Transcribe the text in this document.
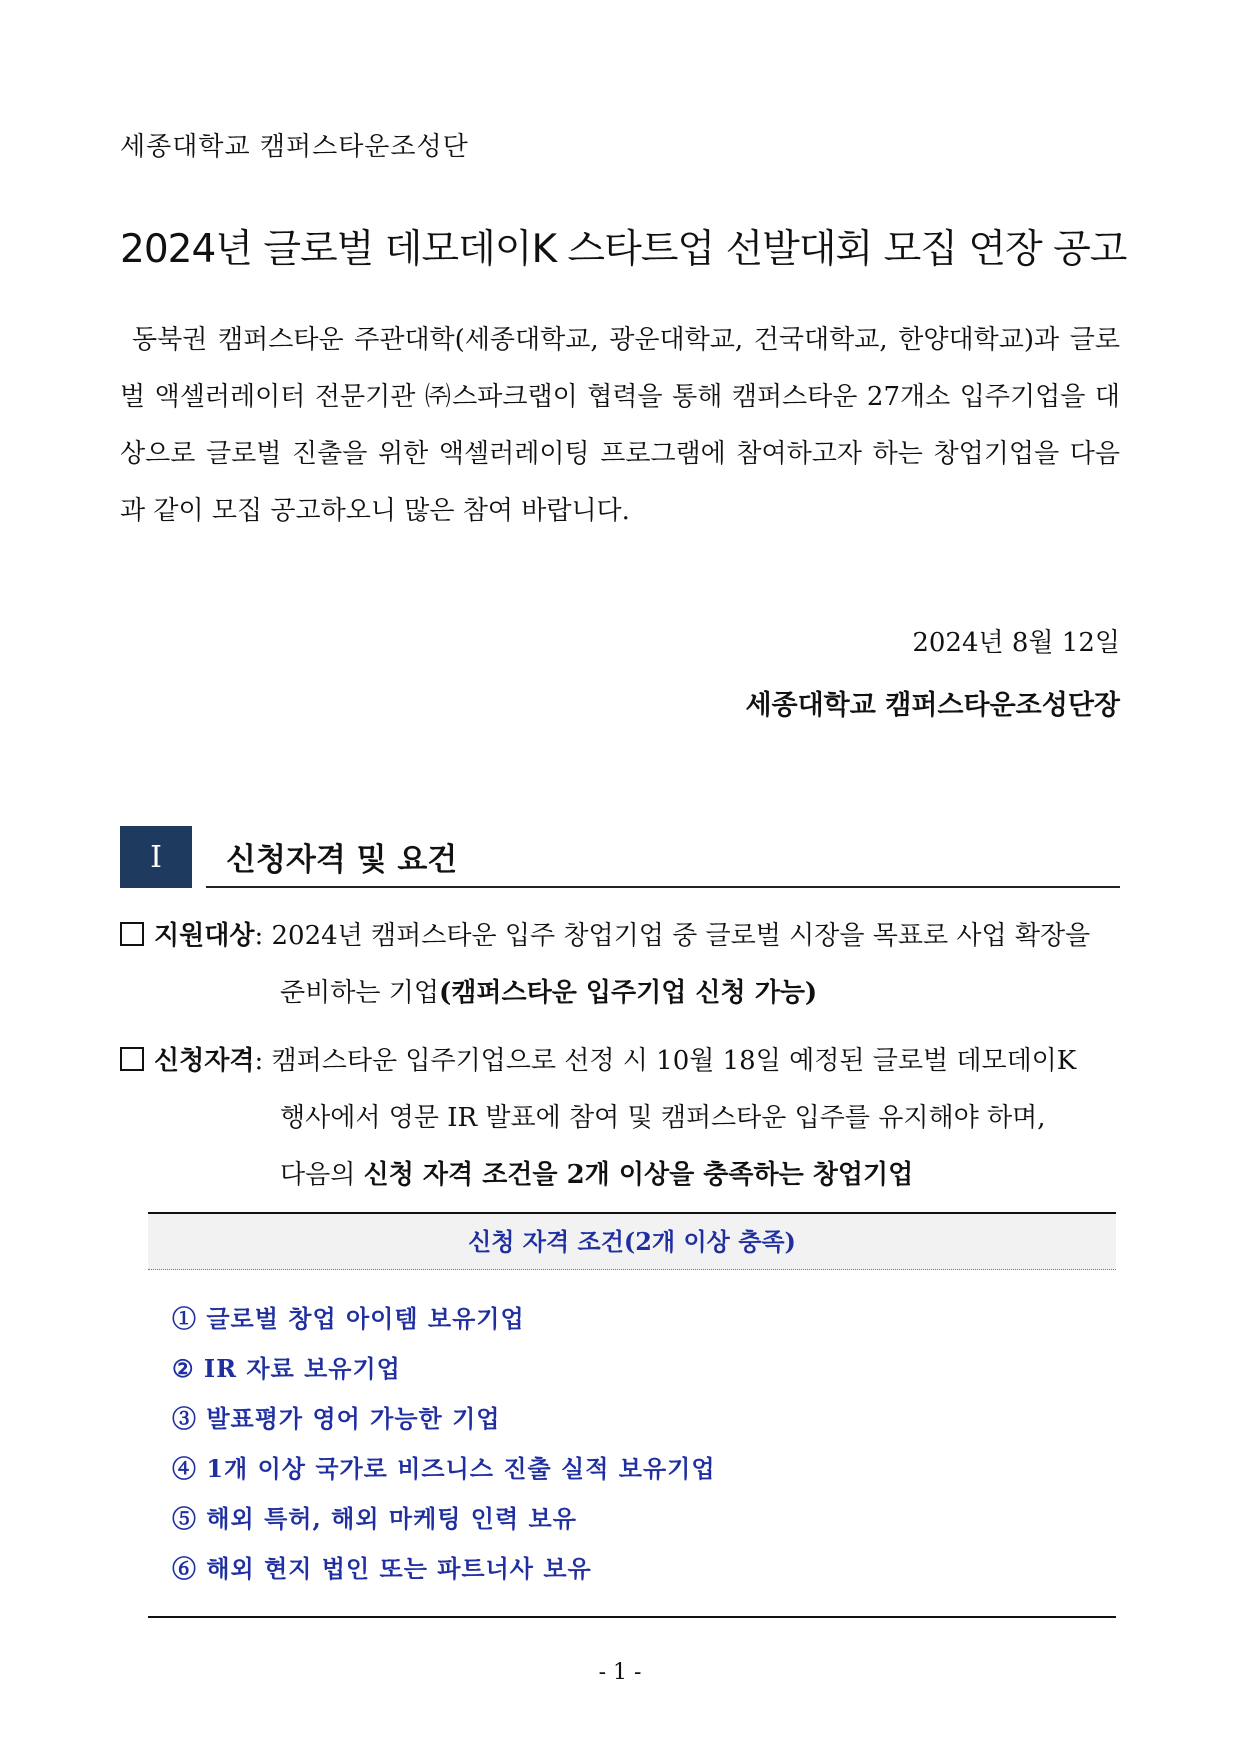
세종대학교 캠퍼스타운조성단
2024년 글로벌 데모데이K 스타트업 선발대회 모집 연장 공고

동북권 캠퍼스타운 주관대학(세종대학교, 광운대학교, 건국대학교, 한양대학교)과 글로벌 액셀러레이터 전문기관 ㈜스파크랩이 협력을 통해 캠퍼스타운 27개소 입주기업을 대상으로 글로벌 진출을 위한 액셀러레이팅 프로그램에 참여하고자 하는 창업기업을 다음과 같이 모집 공고하오니 많은 참여 바랍니다.

2024년 8월 12일
세종대학교 캠퍼스타운조성단장
Ⅰ	신청자격 및 요건
지원대상: 2024년 캠퍼스타운 입주 창업기업 중 글로벌 시장을 목표로 사업 확장을
준비하는 기업(캠퍼스타운 입주기업 신청 가능)
신청자격: 캠퍼스타운 입주기업으로 선정 시 10월 18일 예정된 글로벌 데모데이K
행사에서 영문 IR 발표에 참여 및 캠퍼스타운 입주를 유지해야 하며,
다음의 신청 자격 조건을 2개 이상을 충족하는 창업기업
신청 자격 조건(2개 이상 충족)
① 글로벌 창업 아이템 보유기업
② IR 자료 보유기업
③ 발표평가 영어 가능한 기업
④ 1개 이상 국가로 비즈니스 진출 실적 보유기업
⑤ 해외 특허, 해외 마케팅 인력 보유
⑥ 해외 현지 법인 또는 파트너사 보유
- 1 -
